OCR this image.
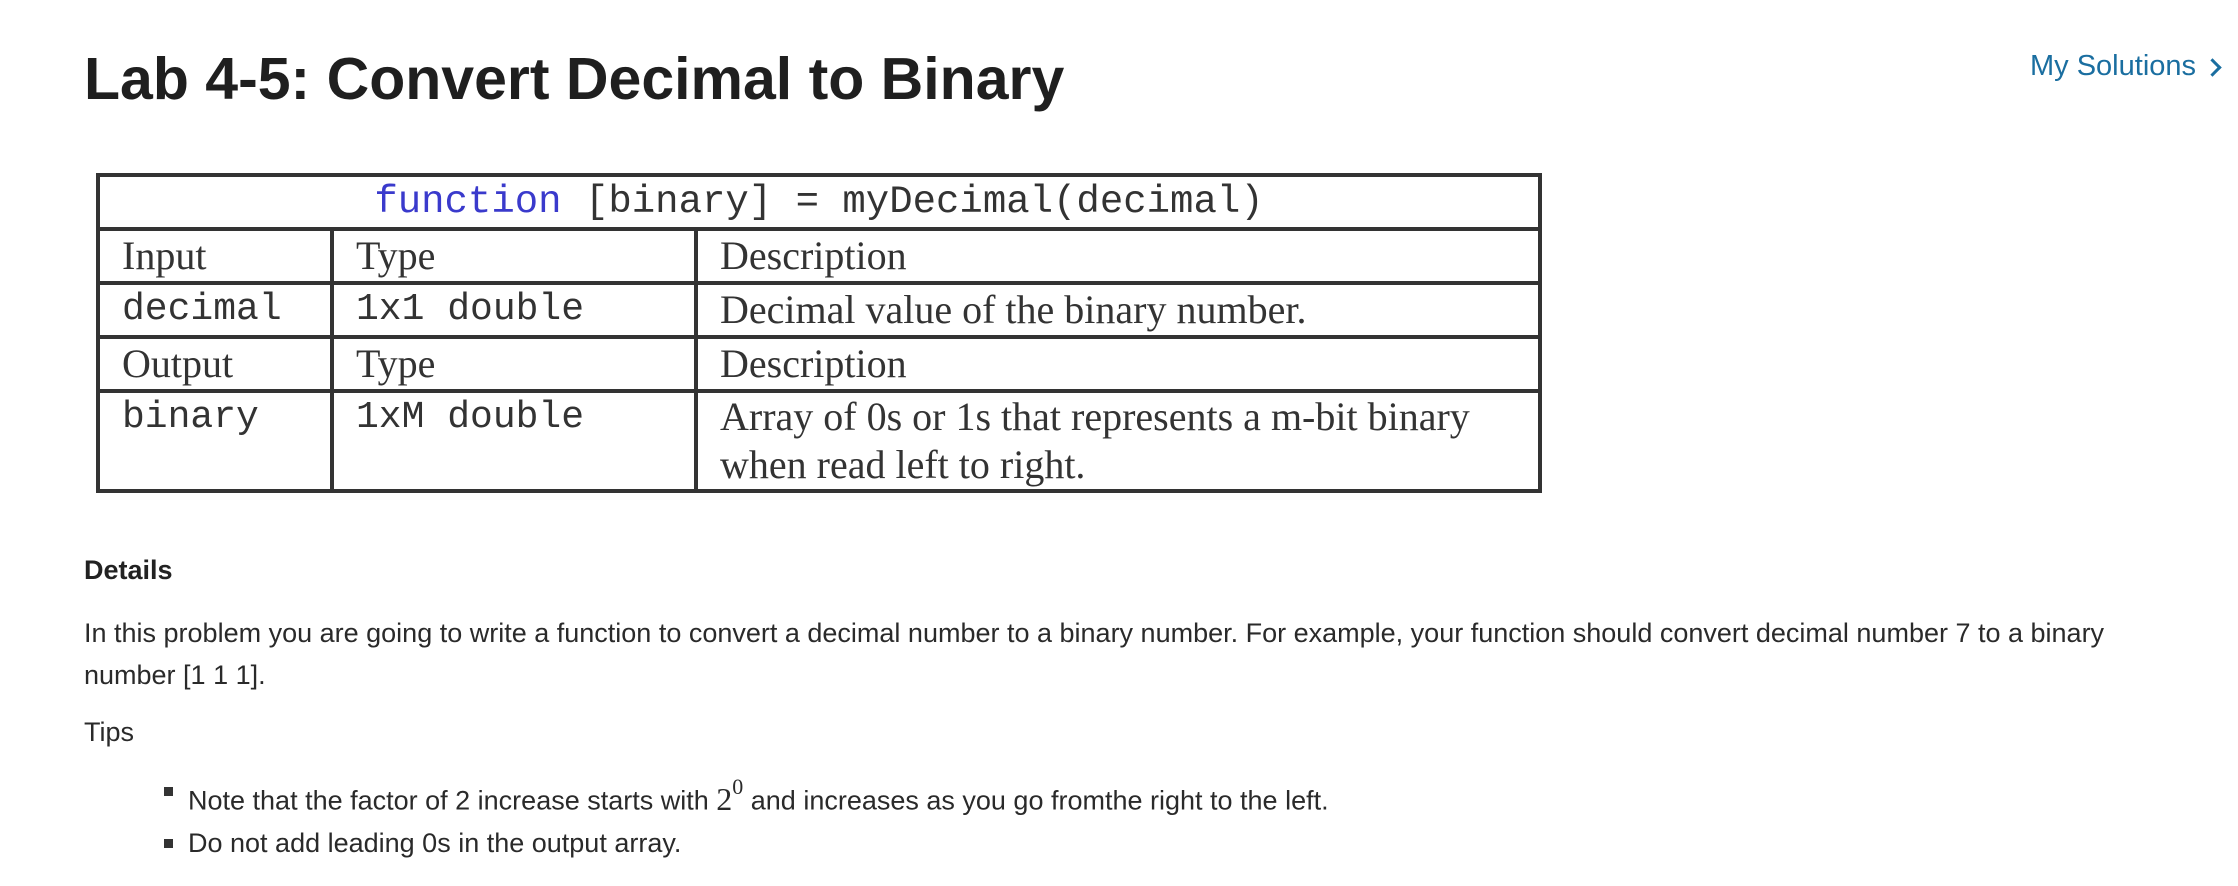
Lab 4-5: Convert Decimal to Binary	My Solutions
function [binary] = myDecimal(decimal)		
Input	Type	Description
decimal	1x1 double	Decimal value of the binary number.
Output	Type	Description
binary	1xM double	Array of 0s or 1s that represents a m-bit binary
when read left to right.
Details

In this problem you are going to write a function to convert a decimal number to a binary number. For example, your function should convert decimal number 7 to a binary number [1 1 1].

Tips

Note that the factor of 2 increase starts with $2^0$ and increases as you go fromthe right to the left.
Do not add leading 0s in the output array.
